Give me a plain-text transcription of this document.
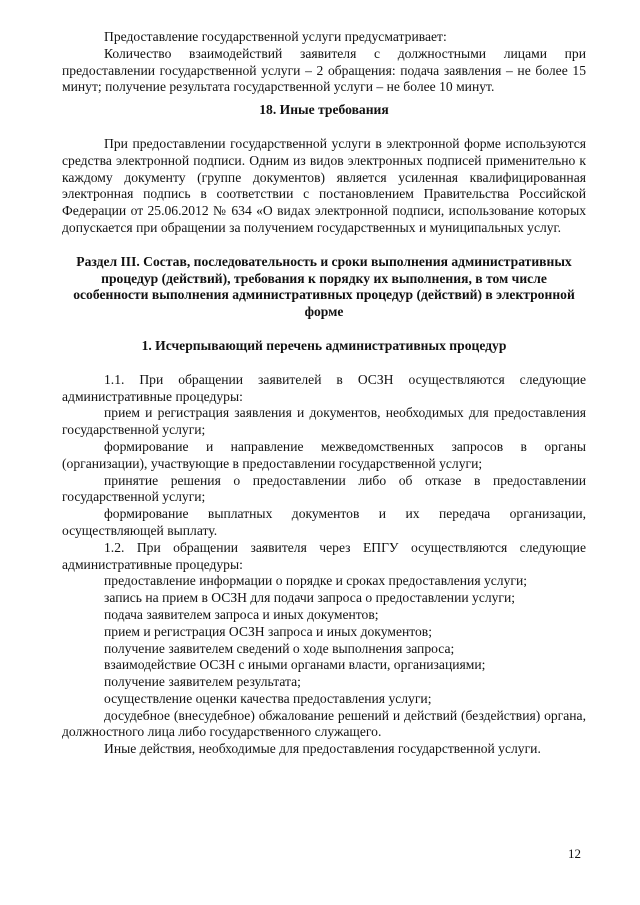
Предоставление государственной услуги предусматривает:

Количество взаимодействий заявителя с должностными лицами при предоставлении государственной услуги – 2 обращения: подача заявления – не более 15 минут; получение результата государственной услуги – не более 10 минут.

18. Иные требования

При предоставлении государственной услуги в электронной форме используются средства электронной подписи. Одним из видов электронных подписей применительно к каждому документу (группе документов) является усиленная квалифицированная электронная подпись в соответствии с постановлением Правительства Российской Федерации от 25.06.2012 № 634 «О видах электронной подписи, использование которых допускается при обращении за получением государственных и муниципальных услуг.

Раздел III. Состав, последовательность и сроки выполнения административных процедур (действий), требования к порядку их выполнения, в том числе особенности выполнения административных процедур (действий) в электронной форме

1. Исчерпывающий перечень административных процедур

1.1. При обращении заявителей в ОСЗН осуществляются следующие административные процедуры:

прием и регистрация заявления и документов, необходимых для предоставления государственной услуги;

формирование и направление межведомственных запросов в органы (организации), участвующие в предоставлении государственной услуги;

принятие решения о предоставлении либо об отказе в предоставлении государственной услуги;

формирование выплатных документов и их передача организации, осуществляющей выплату.

1.2. При обращении заявителя через ЕПГУ осуществляются следующие административные процедуры:

предоставление информации о порядке и сроках предоставления услуги;

запись на прием в ОСЗН для подачи запроса о предоставлении услуги;

подача заявителем запроса и иных документов;

прием и регистрация ОСЗН запроса и иных документов;

получение заявителем сведений о ходе выполнения запроса;

взаимодействие ОСЗН с иными органами власти, организациями;

получение заявителем результата;

осуществление оценки качества предоставления услуги;

досудебное (внесудебное) обжалование решений и действий (бездействия) органа, должностного лица либо государственного служащего.

Иные действия, необходимые для предоставления государственной услуги.

12
